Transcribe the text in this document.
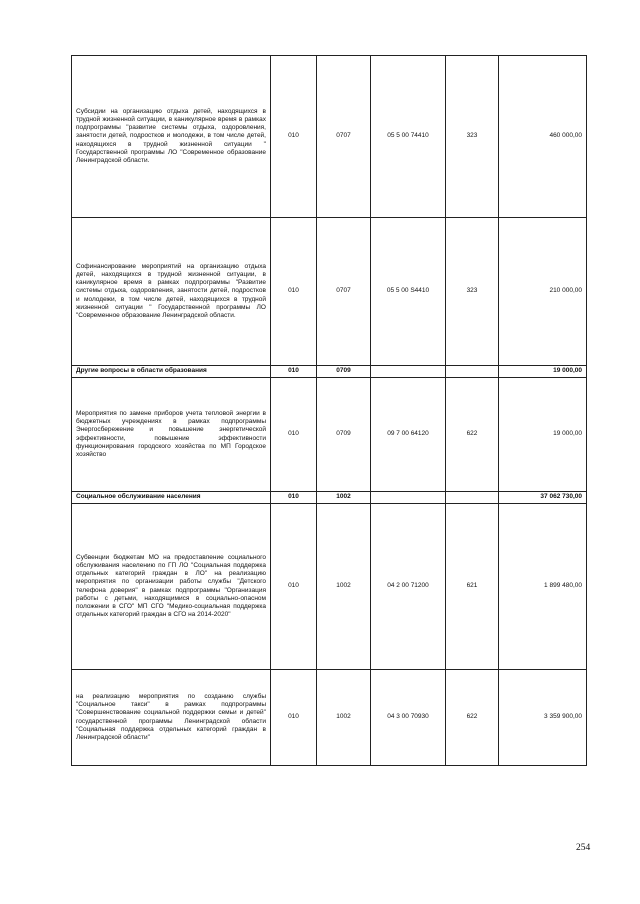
Субсидии на организацию отдыха детей, находящихся в трудной жизненной ситуации, в каникулярное время в рамках подпрограммы "развитие системы отдыха, оздоровления, занятости детей, подростков и молодежи, в том числе детей, находящихся в трудной жизненной ситуации " Государственной программы ЛО "Современное образование Ленинградской области.	010	0707	05 5 00 74410	323	460 000,00
Софинансирование мероприятий на организацию отдыха детей, находящихся в трудной жизненной ситуации, в каникулярное время в рамках подпрограммы "Развитие системы отдыха, оздоровления, занятости детей, подростков и молодежи, в том числе детей, находящихся в трудной жизненной ситуации " Государственной программы ЛО "Современное образование Ленинградской области.	010	0707	05 5 00 S4410	323	210 000,00
Другие вопросы в области образования	010	0709			19 000,00
Мероприятия по замене приборов учета тепловой энергии в бюджетных учреждениях в рамках подпрограммы Энергосбережение и повышение энергетической эффективности, повышение эффективности функционирования городского хозяйства по МП Городское хозяйство	010	0709	09 7 00 64120	622	19 000,00
Социальное обслуживание населения	010	1002			37 062 730,00
Субвенции бюджетам МО на предоставление социального обслуживания населению по ГП ЛО "Социальная поддержка отдельных категорий граждан в ЛО" на реализацию мероприятия по организации работы службы "Детского телефона доверия" в рамках подпрограммы "Организация работы с детьми, находящимися в социально-опасном положении в СГО" МП СГО "Медико-социальная поддержка отдельных категорий граждан в СГО на 2014-2020"	010	1002	04 2 00 71200	621	1 899 480,00
на реализацию мероприятия по созданию службы "Социальное такси" в рамках подпрограммы "Совершенствование социальной поддержки семьи и детей" государственной программы Ленинградской области "Социальная поддержка отдельных категорий граждан в Ленинградской области"	010	1002	04 3 00 70930	622	3 359 900,00
254
